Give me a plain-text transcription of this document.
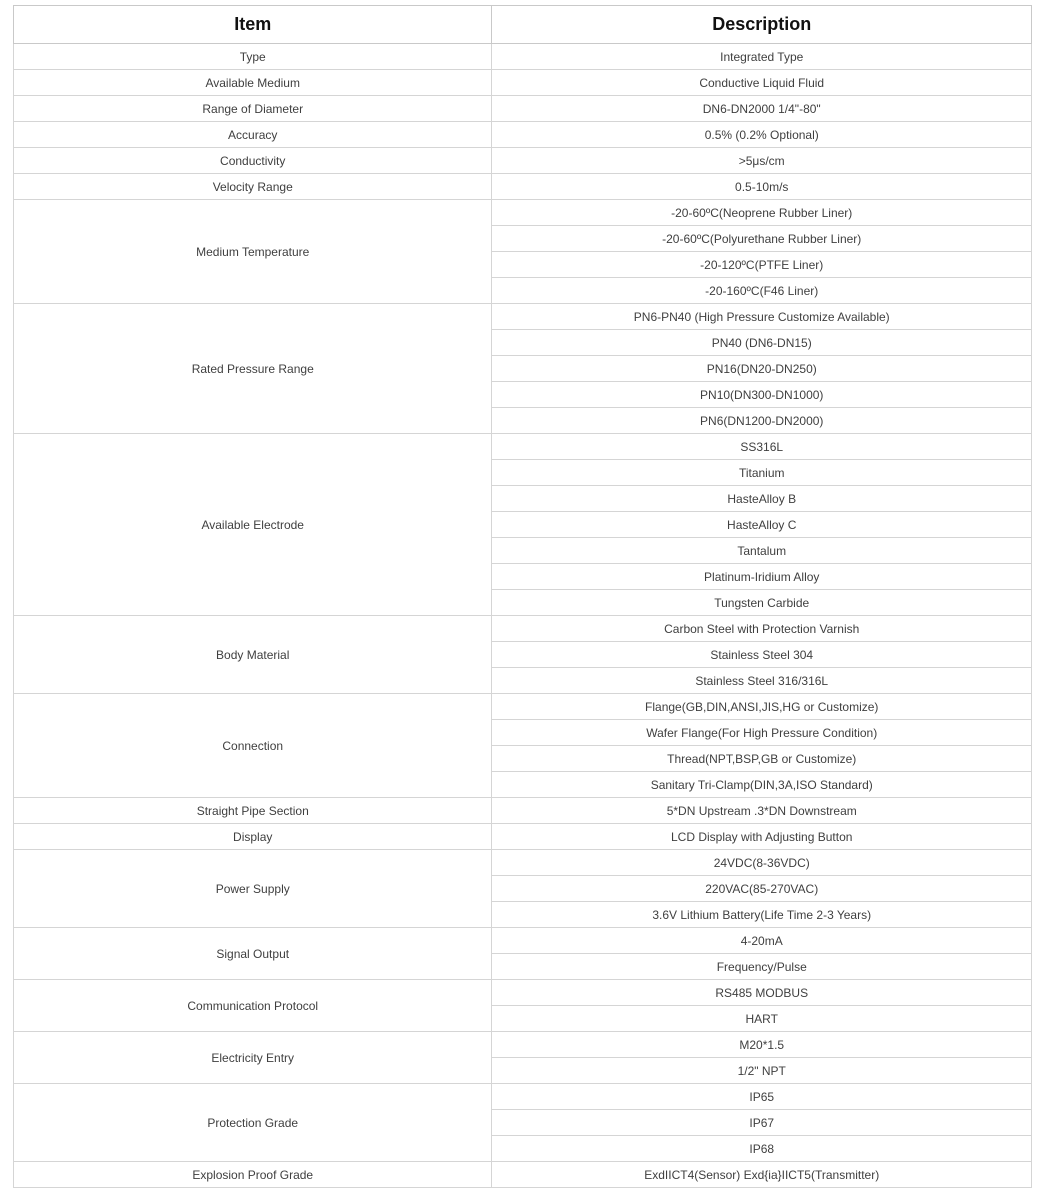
Item	Description
Type	Integrated Type
Available Medium	Conductive Liquid Fluid
Range of Diameter	DN6-DN2000 1/4"-80"
Accuracy	0.5% (0.2% Optional)
Conductivity	>5μs/cm
Velocity Range	0.5-10m/s
Medium Temperature	-20-60ºC(Neoprene Rubber Liner)
	-20-60ºC(Polyurethane Rubber Liner)
	-20-120ºC(PTFE Liner)
	-20-160ºC(F46 Liner)
Rated Pressure Range	PN6-PN40 (High Pressure Customize Available)
	PN40 (DN6-DN15)
	PN16(DN20-DN250)
	PN10(DN300-DN1000)
	PN6(DN1200-DN2000)
Available Electrode	SS316L
	Titanium
	HasteAlloy B
	HasteAlloy C
	Tantalum
	Platinum-Iridium Alloy
	Tungsten Carbide
Body Material	Carbon Steel with Protection Varnish
	Stainless Steel 304
	Stainless Steel 316/316L
Connection	Flange(GB,DIN,ANSI,JIS,HG or Customize)
	Wafer Flange(For High Pressure Condition)
	Thread(NPT,BSP,GB or Customize)
	Sanitary Tri-Clamp(DIN,3A,ISO Standard)
Straight Pipe Section	5*DN Upstream .3*DN Downstream
Display	LCD Display with Adjusting Button
Power Supply	24VDC(8-36VDC)
	220VAC(85-270VAC)
	3.6V Lithium Battery(Life Time 2-3 Years)
Signal Output	4-20mA
	Frequency/Pulse
Communication Protocol	RS485 MODBUS
	HART
Electricity Entry	M20*1.5
	1/2" NPT
Protection Grade	IP65
	IP67
	IP68
Explosion Proof Grade	ExdIICT4(Sensor) Exd{ia}IICT5(Transmitter)
